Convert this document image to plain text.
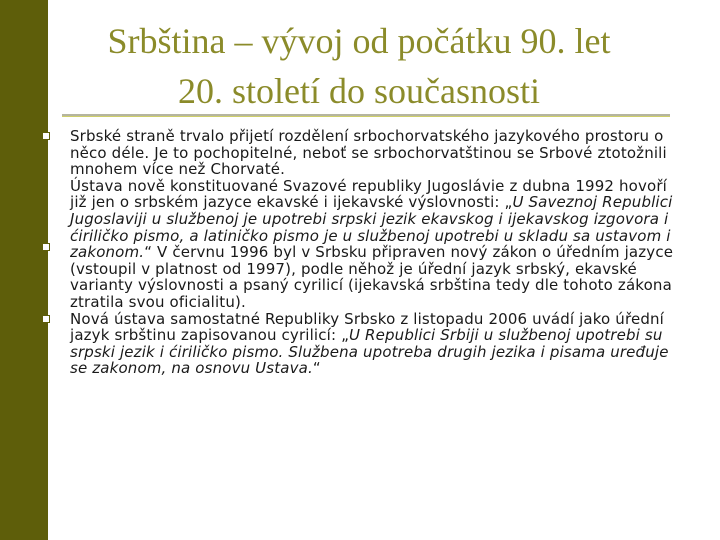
Srbština – vývoj od počátku 90. let
20. století do současnosti
Srbské straně trvalo přijetí rozdělení srbochorvatského jazykového prostoru o něco déle. Je to pochopitelné, neboť se srbochorvatštinou se Srbové ztotožnili mnohem více než Chorvaté.
Ústava nově konstituované Svazové republiky Jugoslávie z dubna 1992 hovoří již jen o srbském jazyce ekavské i ijekavské výslovnosti: „U Saveznoj Republici Jugoslaviji u službenoj je upotrebi srpski jezik ekavskog i ijekavskog izgovora i ćiriličko pismo, a latiničko pismo je u službenoj upotrebi u skladu sa ustavom i zakonom.“ V červnu 1996 byl v Srbsku připraven nový zákon o úředním jazyce (vstoupil v platnost od 1997), podle něhož je úřední jazyk srbský, ekavské varianty výslovnosti a psaný cyrilicí (ijekavská srbština tedy dle tohoto zákona ztratila svou oficialitu).
Nová ústava samostatné Republiky Srbsko z listopadu 2006 uvádí jako úřední jazyk srbštinu zapisovanou cyrilicí: „U Republici Srbiji u službenoj upotrebi su srpski jezik i ćiriličko pismo. Službena upotreba drugih jezika i pisama uređuje se zakonom, na osnovu Ustava.“
